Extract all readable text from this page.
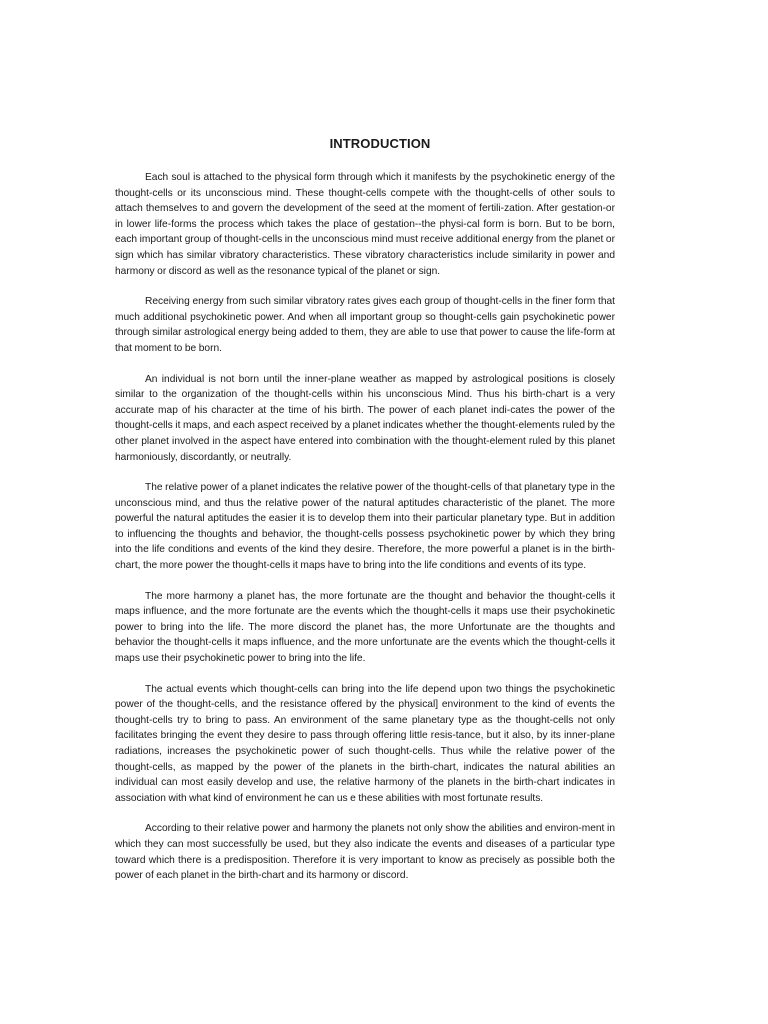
INTRODUCTION

Each soul is attached to the physical form through which it manifests by the psychokinetic energy of the thought-cells or its unconscious mind. These thought-cells compete with the thought-cells of other souls to attach themselves to and govern the development of the seed at the moment of fertili-zation. After gestation-or in lower life-forms the process which takes the place of gestation--the physi-cal form is born. But to be born, each important group of thought-cells in the unconscious mind must receive additional energy from the planet or sign which has similar vibratory characteristics. These vibratory characteristics include similarity in power and harmony or discord as well as the resonance typical of the planet or sign.

Receiving energy from such similar vibratory rates gives each group of thought-cells in the finer form that much additional psychokinetic power. And when all important group so thought-cells gain psychokinetic power through similar astrological energy being added to them, they are able to use that power to cause the life-form at that moment to be born.

An individual is not born until the inner-plane weather as mapped by astrological positions is closely similar to the organization of the thought-cells within his unconscious Mind. Thus his birth-chart is a very accurate map of his character at the time of his birth. The power of each planet indi-cates the power of the thought-cells it maps, and each aspect received by a planet indicates whether the thought-elements ruled by the other planet involved in the aspect have entered into combination with the thought-element ruled by this planet harmoniously, discordantly, or neutrally.

The relative power of a planet indicates the relative power of the thought-cells of that planetary type in the unconscious mind, and thus the relative power of the natural aptitudes characteristic of the planet. The more powerful the natural aptitudes the easier it is to develop them into their particular planetary type. But in addition to influencing the thoughts and behavior, the thought-cells possess psychokinetic power by which they bring into the life conditions and events of the kind they desire. Therefore, the more powerful a planet is in the birth-chart, the more power the thought-cells it maps have to bring into the life conditions and events of its type.

The more harmony a planet has, the more fortunate are the thought and behavior the thought-cells it maps influence, and the more fortunate are the events which the thought-cells it maps use their psychokinetic power to bring into the life. The more discord the planet has, the more Unfortunate are the thoughts and behavior the thought-cells it maps influence, and the more unfortunate are the events which the thought-cells it maps use their psychokinetic power to bring into the life.

The actual events which thought-cells can bring into the life depend upon two things the psychokinetic power of the thought-cells, and the resistance offered by the physical] environment to the kind of events the thought-cells try to bring to pass. An environment of the same planetary type as the thought-cells not only facilitates bringing the event they desire to pass through offering little resis-tance, but it also, by its inner-plane radiations, increases the psychokinetic power of such thought-cells. Thus while the relative power of the thought-cells, as mapped by the power of the planets in the birth-chart, indicates the natural abilities an individual can most easily develop and use, the relative harmony of the planets in the birth-chart indicates in association with what kind of environment he can us e these abilities with most fortunate results.

According to their relative power and harmony the planets not only show the abilities and environ-ment in which they can most successfully be used, but they also indicate the events and diseases of a particular type toward which there is a predisposition. Therefore it is very important to know as precisely as possible both the power of each planet in the birth-chart and its harmony or discord.
